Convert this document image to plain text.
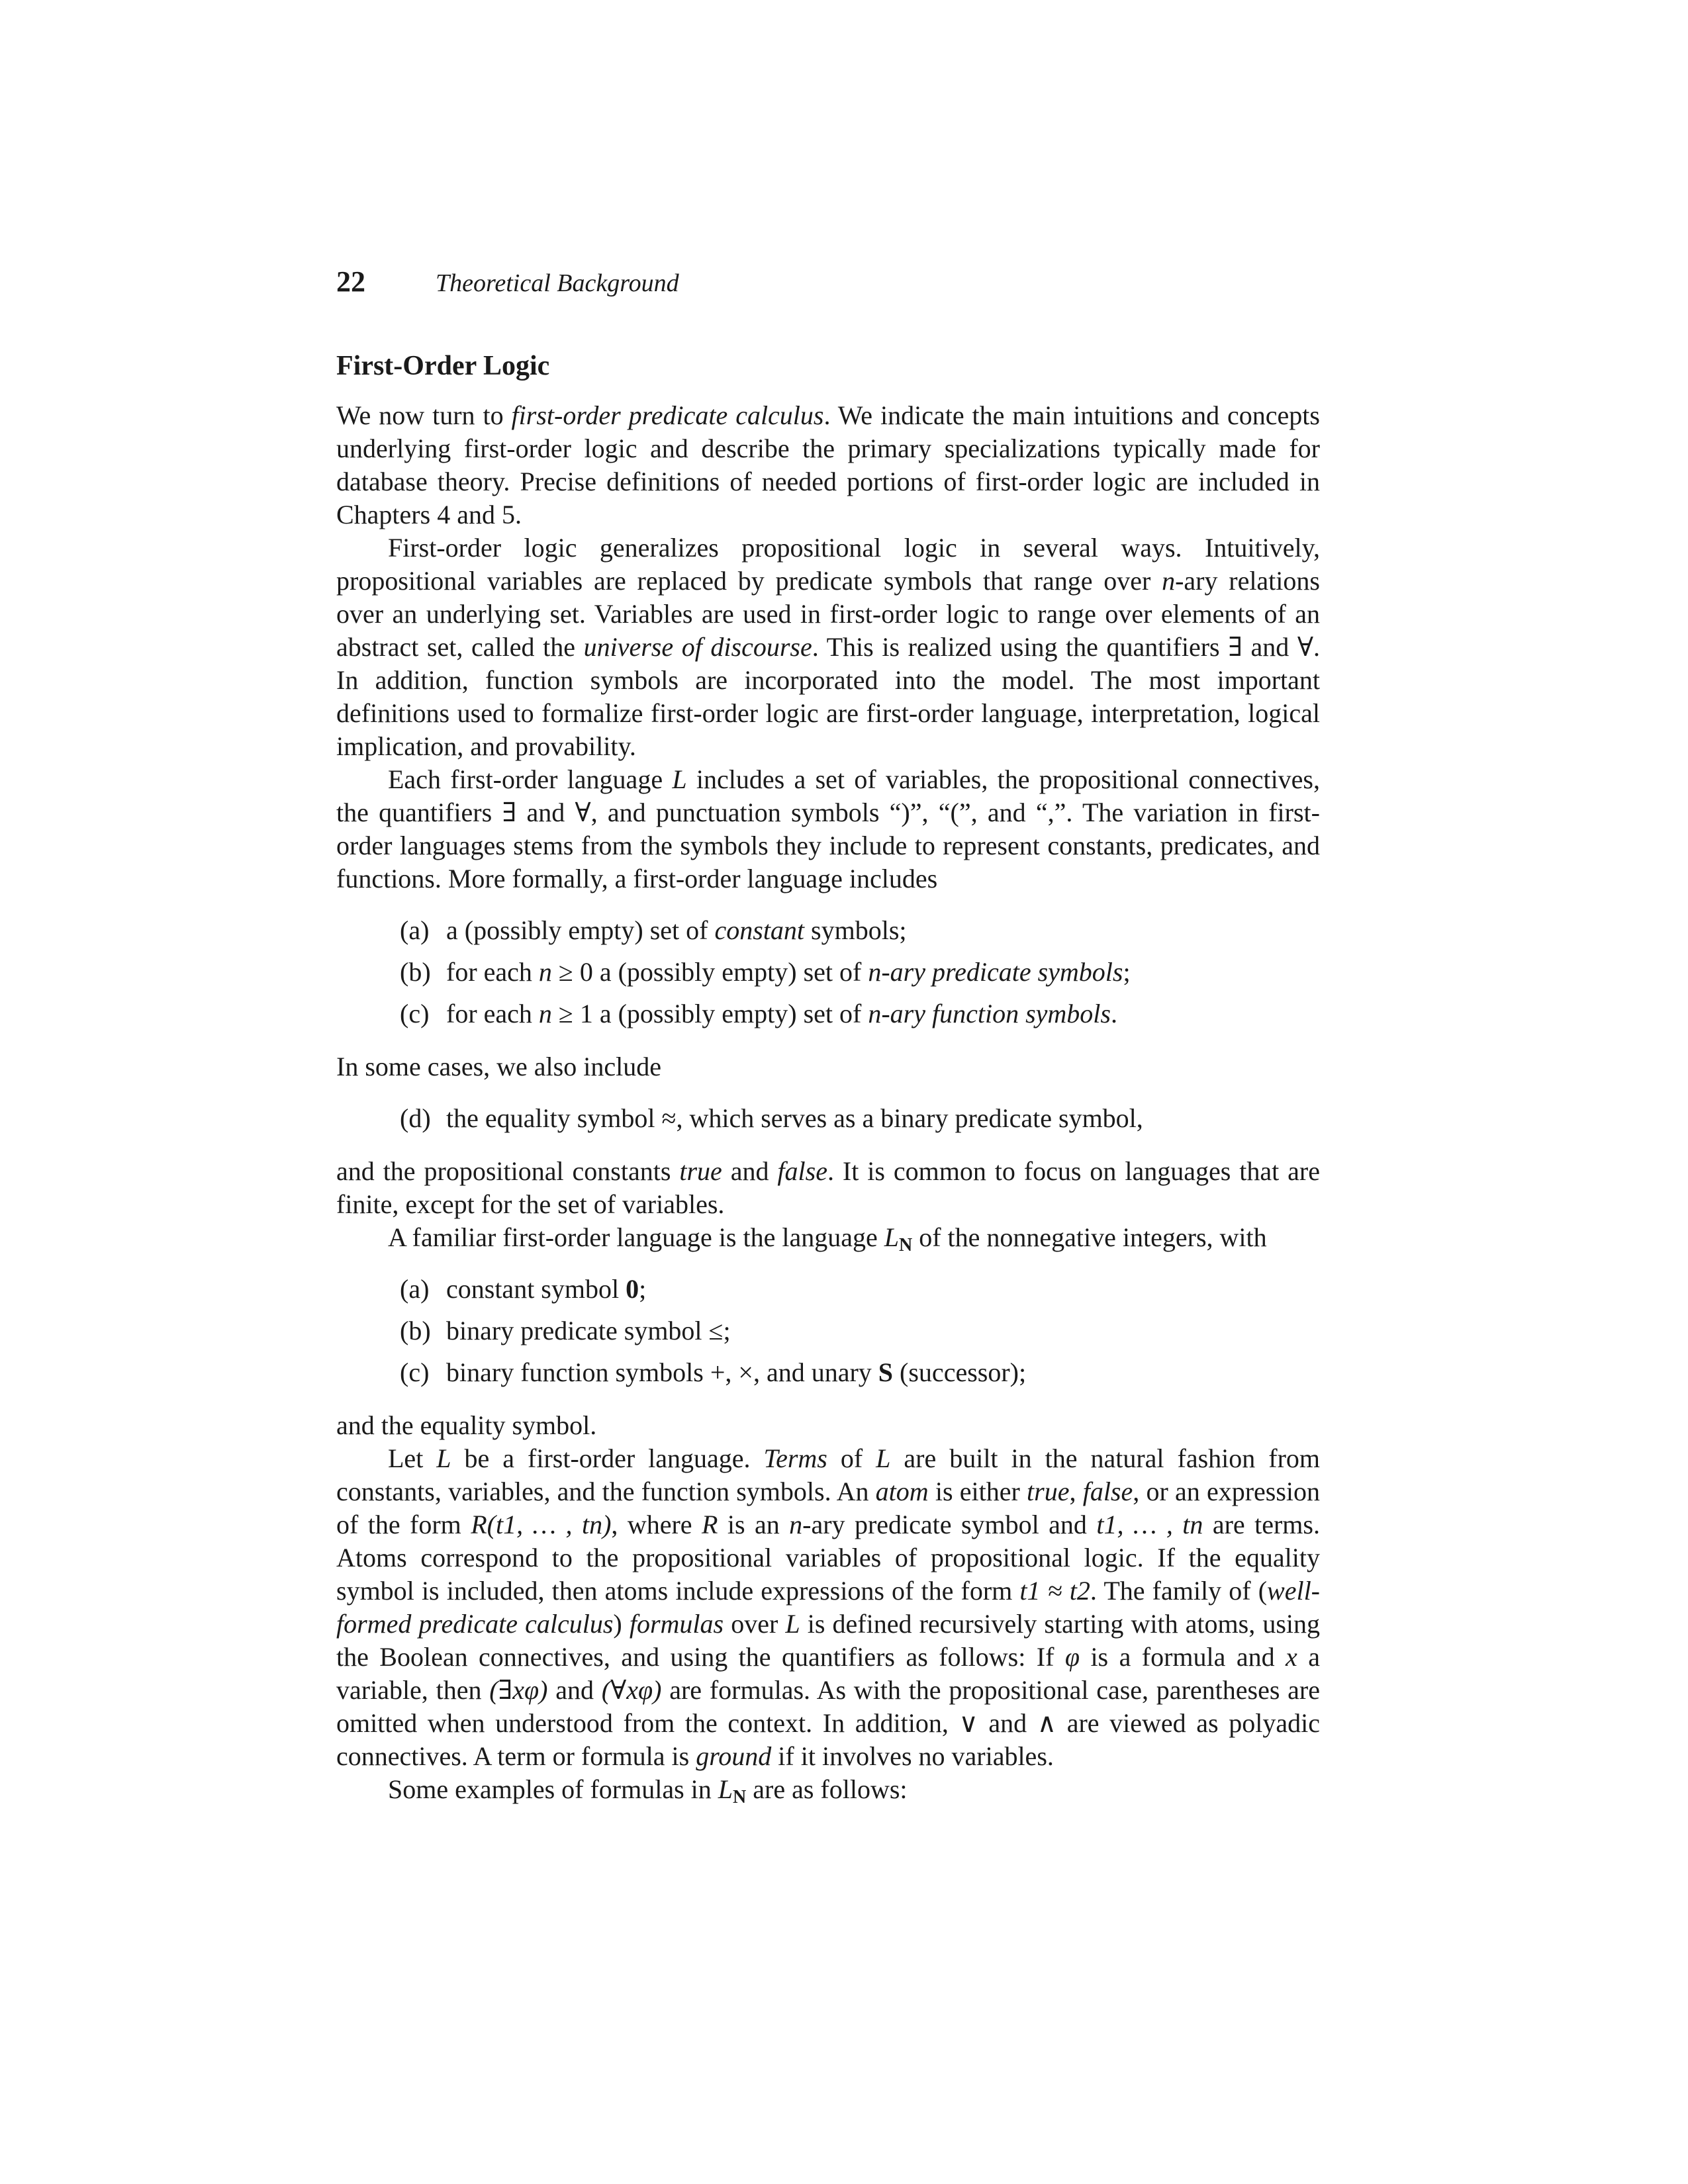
22	Theoretical Background
First-Order Logic

We now turn to first-order predicate calculus. We indicate the main intuitions and concepts underlying first-order logic and describe the primary specializations typically made for database theory. Precise definitions of needed portions of first-order logic are included in Chapters 4 and 5.

First-order logic generalizes propositional logic in several ways. Intuitively, propositional variables are replaced by predicate symbols that range over n-ary relations over an underlying set. Variables are used in first-order logic to range over elements of an abstract set, called the universe of discourse. This is realized using the quantifiers ∃ and ∀. In addition, function symbols are incorporated into the model. The most important definitions used to formalize first-order logic are first-order language, interpretation, logical implication, and provability.

Each first-order language L includes a set of variables, the propositional connectives, the quantifiers ∃ and ∀, and punctuation symbols “)”, “(”, and “,”. The variation in first-order languages stems from the symbols they include to represent constants, predicates, and functions. More formally, a first-order language includes

(a) a (possibly empty) set of constant symbols;
(b) for each n ≥ 0 a (possibly empty) set of n-ary predicate symbols;
(c) for each n ≥ 1 a (possibly empty) set of n-ary function symbols.

In some cases, we also include

(d) the equality symbol ≈, which serves as a binary predicate symbol,

and the propositional constants true and false. It is common to focus on languages that are finite, except for the set of variables.

A familiar first-order language is the language $L_N$ of the nonnegative integers, with

(a) constant symbol 0;
(b) binary predicate symbol ≤;
(c) binary function symbols +, ×, and unary S (successor);

and the equality symbol.

Let L be a first-order language. Terms of L are built in the natural fashion from constants, variables, and the function symbols. An atom is either true, false, or an expression of the form R(t1, … , tn), where R is an n-ary predicate symbol and t1, … , tn are terms. Atoms correspond to the propositional variables of propositional logic. If the equality symbol is included, then atoms include expressions of the form t1 ≈ t2. The family of (well-formed predicate calculus) formulas over L is defined recursively starting with atoms, using the Boolean connectives, and using the quantifiers as follows: If φ is a formula and x a variable, then (∃xφ) and (∀xφ) are formulas. As with the propositional case, parentheses are omitted when understood from the context. In addition, ∨ and ∧ are viewed as polyadic connectives. A term or formula is ground if it involves no variables.

Some examples of formulas in $L_N$ are as follows:
